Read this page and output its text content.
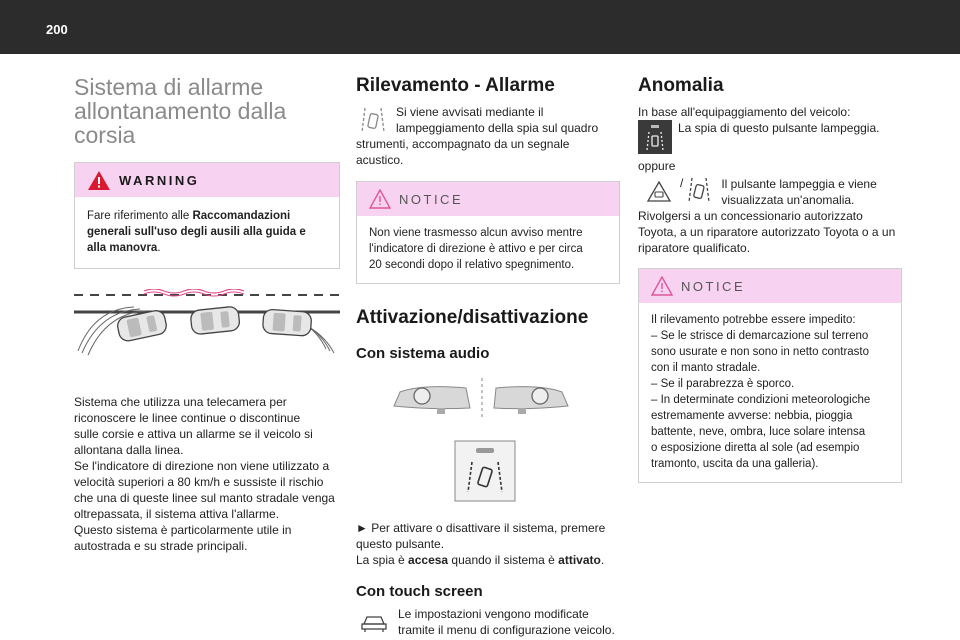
200
Sistema di allarme
allontanamento dalla
corsia
WARNING

Fare riferimento alle Raccomandazioni generali sull'uso degli ausili alla guida e alla manovra.

Sistema che utilizza una telecamera per

riconoscere le linee continue o discontinue

sulle corsie e attiva un allarme se il veicolo si

allontana dalla linea.

Se l'indicatore di direzione non viene utilizzato a

velocità superiori a 80 km/h e sussiste il rischio

che una di queste linee sul manto stradale venga

oltrepassata, il sistema attiva l'allarme.

Questo sistema è particolarmente utile in

autostrada e su strade principali.

Rilevamento - Allarme

Si viene avvisati mediante il

lampeggiamento della spia sul quadro

strumenti, accompagnato da un segnale

acustico.

NOTICE

Non viene trasmesso alcun avviso mentre

l'indicatore di direzione è attivo e per circa

20 secondi dopo il relativo spegnimento.

Attivazione/disattivazione
Con sistema audio

► Per attivare o disattivare il sistema, premere

questo pulsante.

La spia è accesa quando il sistema è attivato.

Con touch screen

Le impostazioni vengono modificate

tramite il menu di configurazione veicolo.

Anomalia

In base all'equipaggiamento del veicolo:

La spia di questo pulsante lampeggia.

oppure

/	Il pulsante lampeggia e viene

visualizzata un'anomalia.

Rivolgersi a un concessionario autorizzato

Toyota, a un riparatore autorizzato Toyota o a un

riparatore qualificato.

NOTICE

Il rilevamento potrebbe essere impedito:

– Se le strisce di demarcazione sul terreno

sono usurate e non sono in netto contrasto

con il manto stradale.

– Se il parabrezza è sporco.

– In determinate condizioni meteorologiche

estremamente avverse: nebbia, pioggia

battente, neve, ombra, luce solare intensa

o esposizione diretta al sole (ad esempio

tramonto, uscita da una galleria).
